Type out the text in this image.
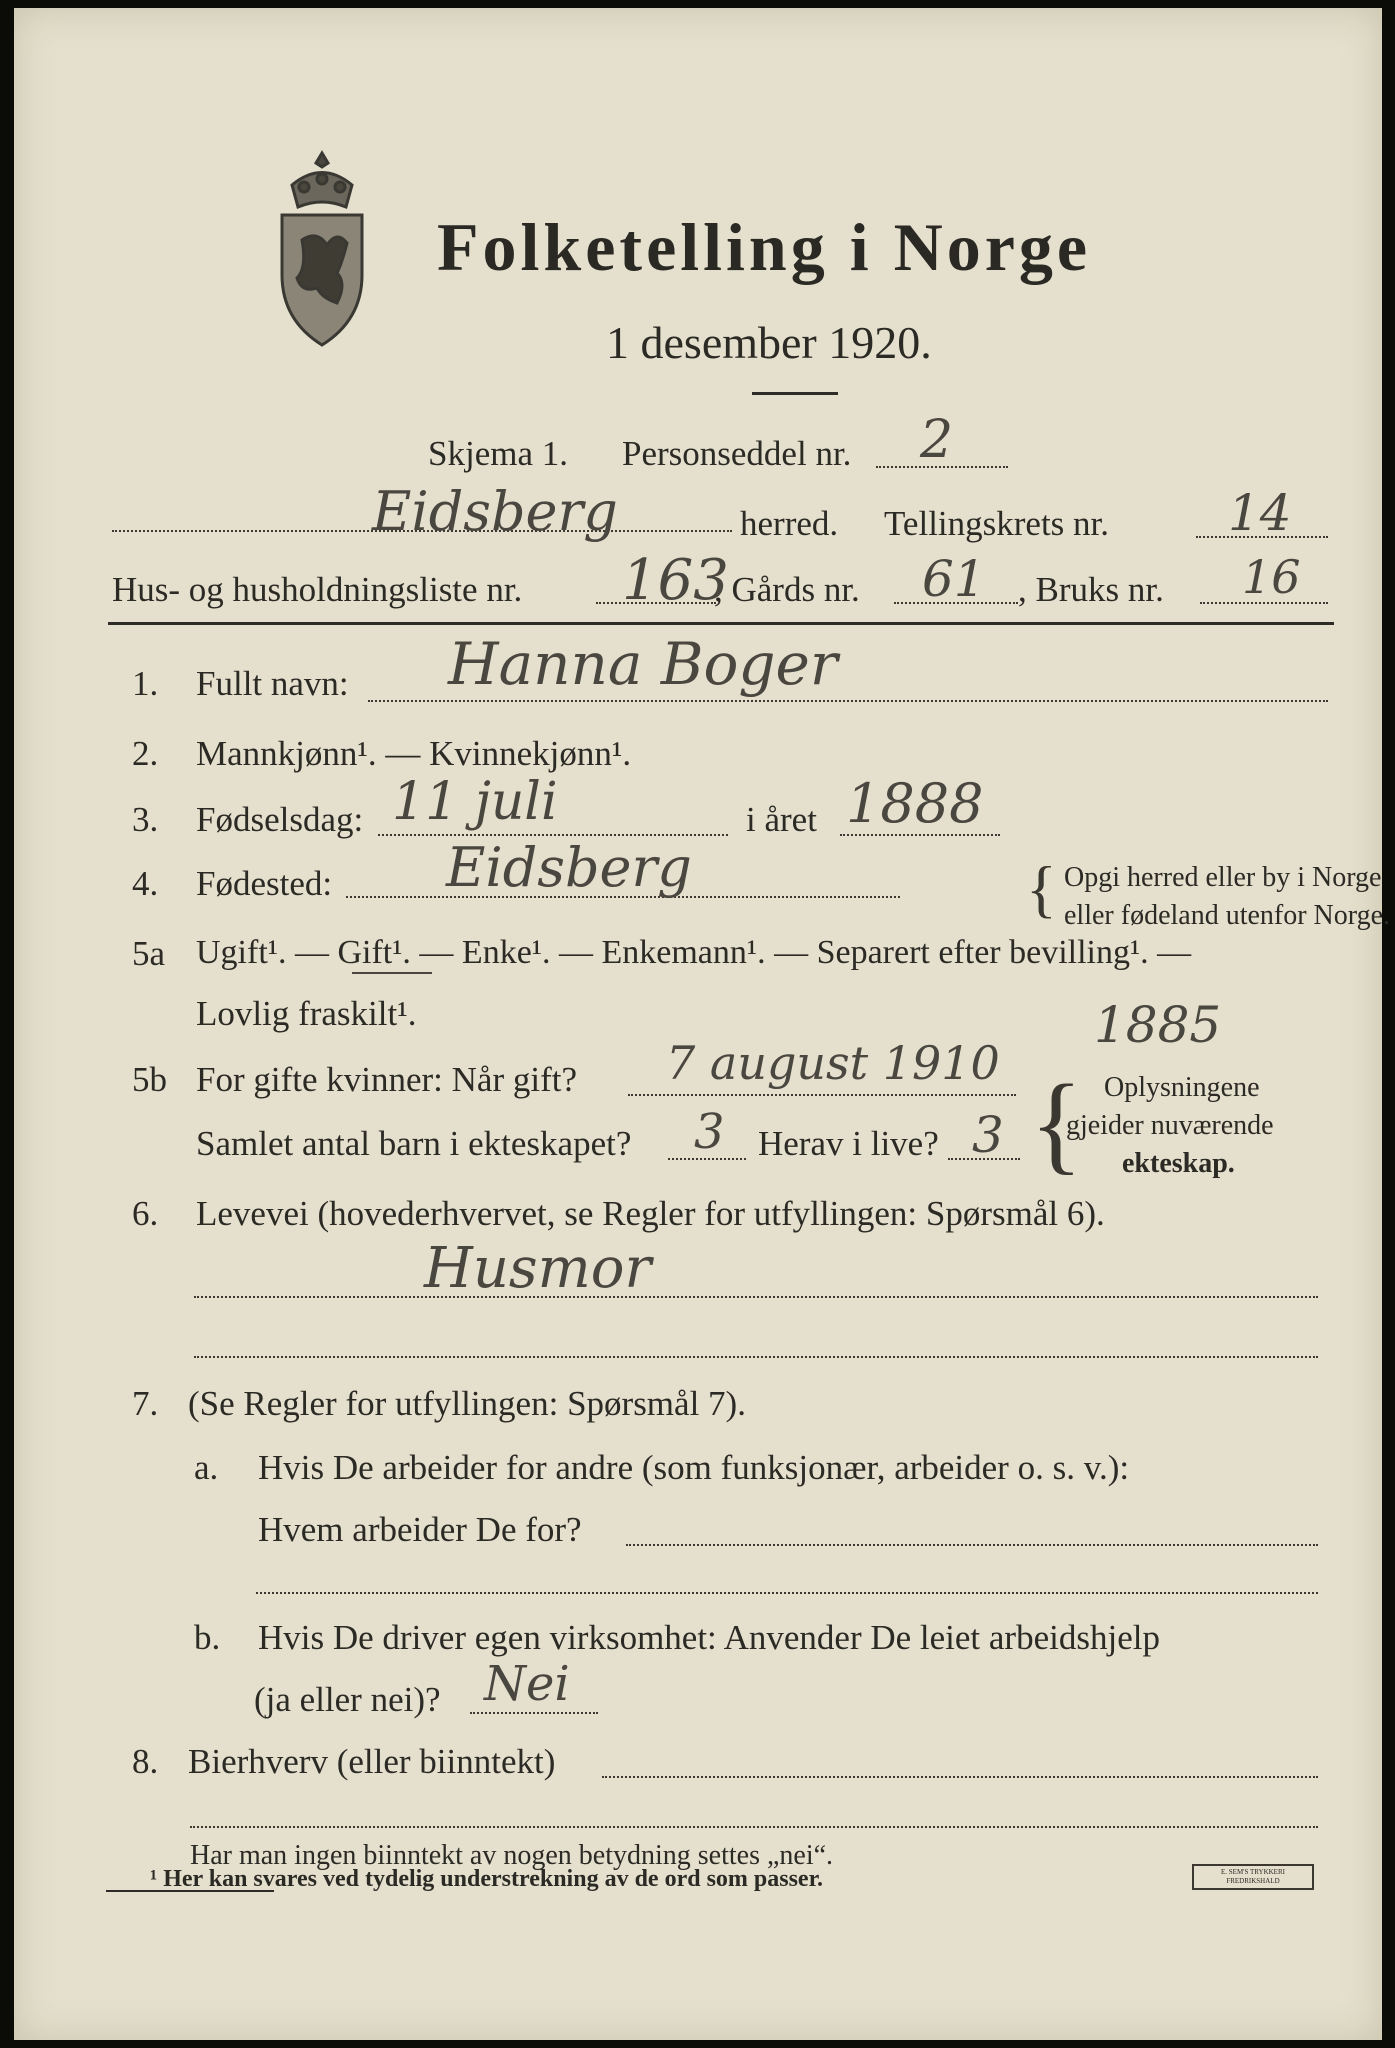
Folketelling i Norge
1 desember 1920.
Skjema 1. Personseddel nr. 2
Eidsberg	herred. Tellingskrets nr. 14
Hus- og husholdningsliste nr. 163
, Gårds nr. 61 , Bruks nr. 16
1. Fullt navn: Hanna Boger
2. Mannkjønn¹. — Kvinnekjønn¹.
3. Fødselsdag: 11 juli	i året 1888
4. Fødested: Eidsberg	{ Opgi herred eller by i Norge
eller fødeland utenfor Norge.
5a Ugift¹. — Gift¹. — Enke¹. — Enkemann¹. — Separert efter bevilling¹. —
Lovlig fraskilt¹.	1885
5b For gifte kvinner: Når gift? 7 august 1910
Samlet antal barn i ekteskapet? 3 Herav i live? 3 { Oplysningene
gjeider nuværende
ekteskap.
6. Levevei (hovederhvervet, se Regler for utfyllingen: Spørsmål 6).
Husmor
7. (Se Regler for utfyllingen: Spørsmål 7).
a. Hvis De arbeider for andre (som funksjonær, arbeider o. s. v.):
Hvem arbeider De for?
b. Hvis De driver egen virksomhet: Anvender De leiet arbeidshjelp
(ja eller nei)? Nei
8. Bierhverv (eller biinntekt)
Har man ingen biinntekt av nogen betydning settes „nei“.
¹ Her kan svares ved tydelig understrekning av de ord som passer.	E. SEM'S TRYKKERI FREDRIKSHALD
